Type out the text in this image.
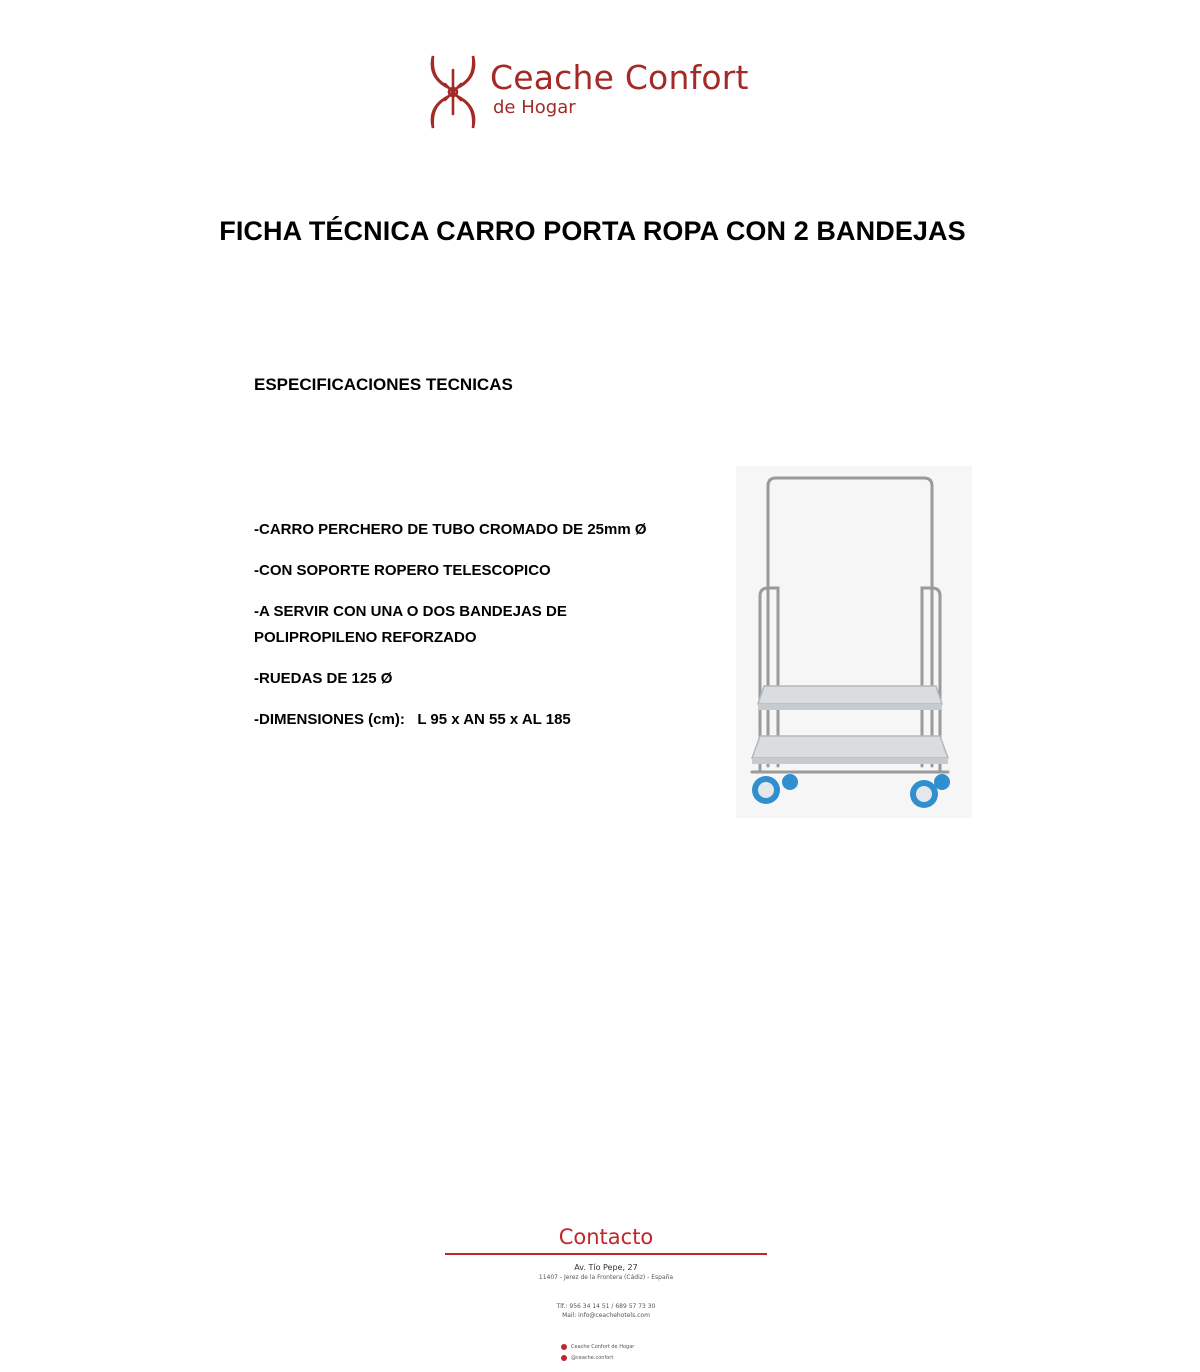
Ceache Confort
de Hogar
FICHA TÉCNICA CARRO PORTA ROPA CON 2 BANDEJAS
ESPECIFICACIONES TECNICAS
-CARRO PERCHERO DE TUBO CROMADO DE 25mm Ø
-CON SOPORTE ROPERO TELESCOPICO
-A SERVIR CON UNA O DOS BANDEJAS DE POLIPROPILENO REFORZADO
-RUEDAS DE 125 Ø
-DIMENSIONES (cm):   L 95 x AN 55 x AL 185
Contacto
Av. Tío Pepe, 27
11407 - Jerez de la Frontera (Cádiz) - España
Tlf.: 956 34 14 51 / 689 57 73 30
Mail: info@ceachehotels.com
Ceache Confort de Hogar
@ceache.confort
